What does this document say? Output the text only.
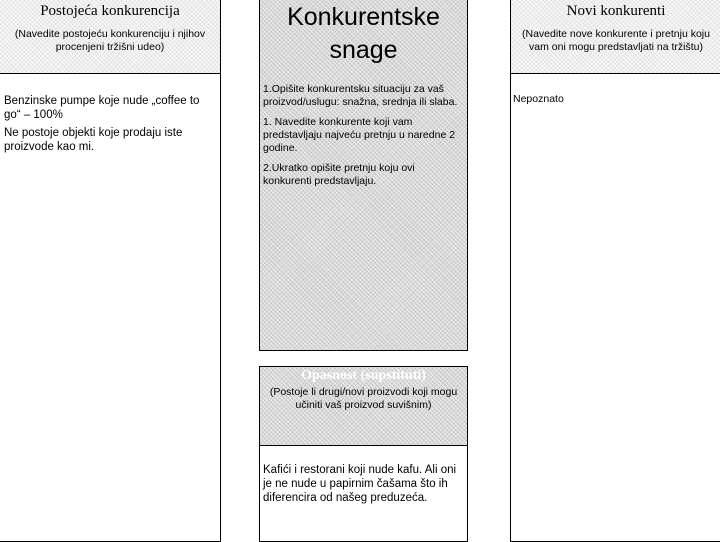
Postojeća konkurencija
(Navedite postojeću konkurenciju i njihov procenjeni tržišni udeo)
Benzinske pumpe koje nude „coffee to go“ – 100%
Ne postoje objekti koje prodaju iste proizvode kao mi.
Konkurentske snage
1.Opišite konkurentsku situaciju za vaš proizvod/uslugu: snažna, srednja ili slaba.
1. Navedite konkurente koji vam predstavljaju najveću pretnju u naredne 2 godine.
2.Ukratko opišite pretnju koju ovi konkurenti predstavljaju.
Opasnost (supstituti)
(Postoje li drugi/novi proizvodi koji mogu učiniti vaš proizvod suvišnim)
Kafići i restorani koji nude kafu. Ali oni je ne nude u papirnim čašama što ih diferencira od našeg preduzeća.
Novi konkurenti
(Navedite nove konkurente i pretnju koju vam oni mogu predstavljati na tržištu)
Nepoznato
